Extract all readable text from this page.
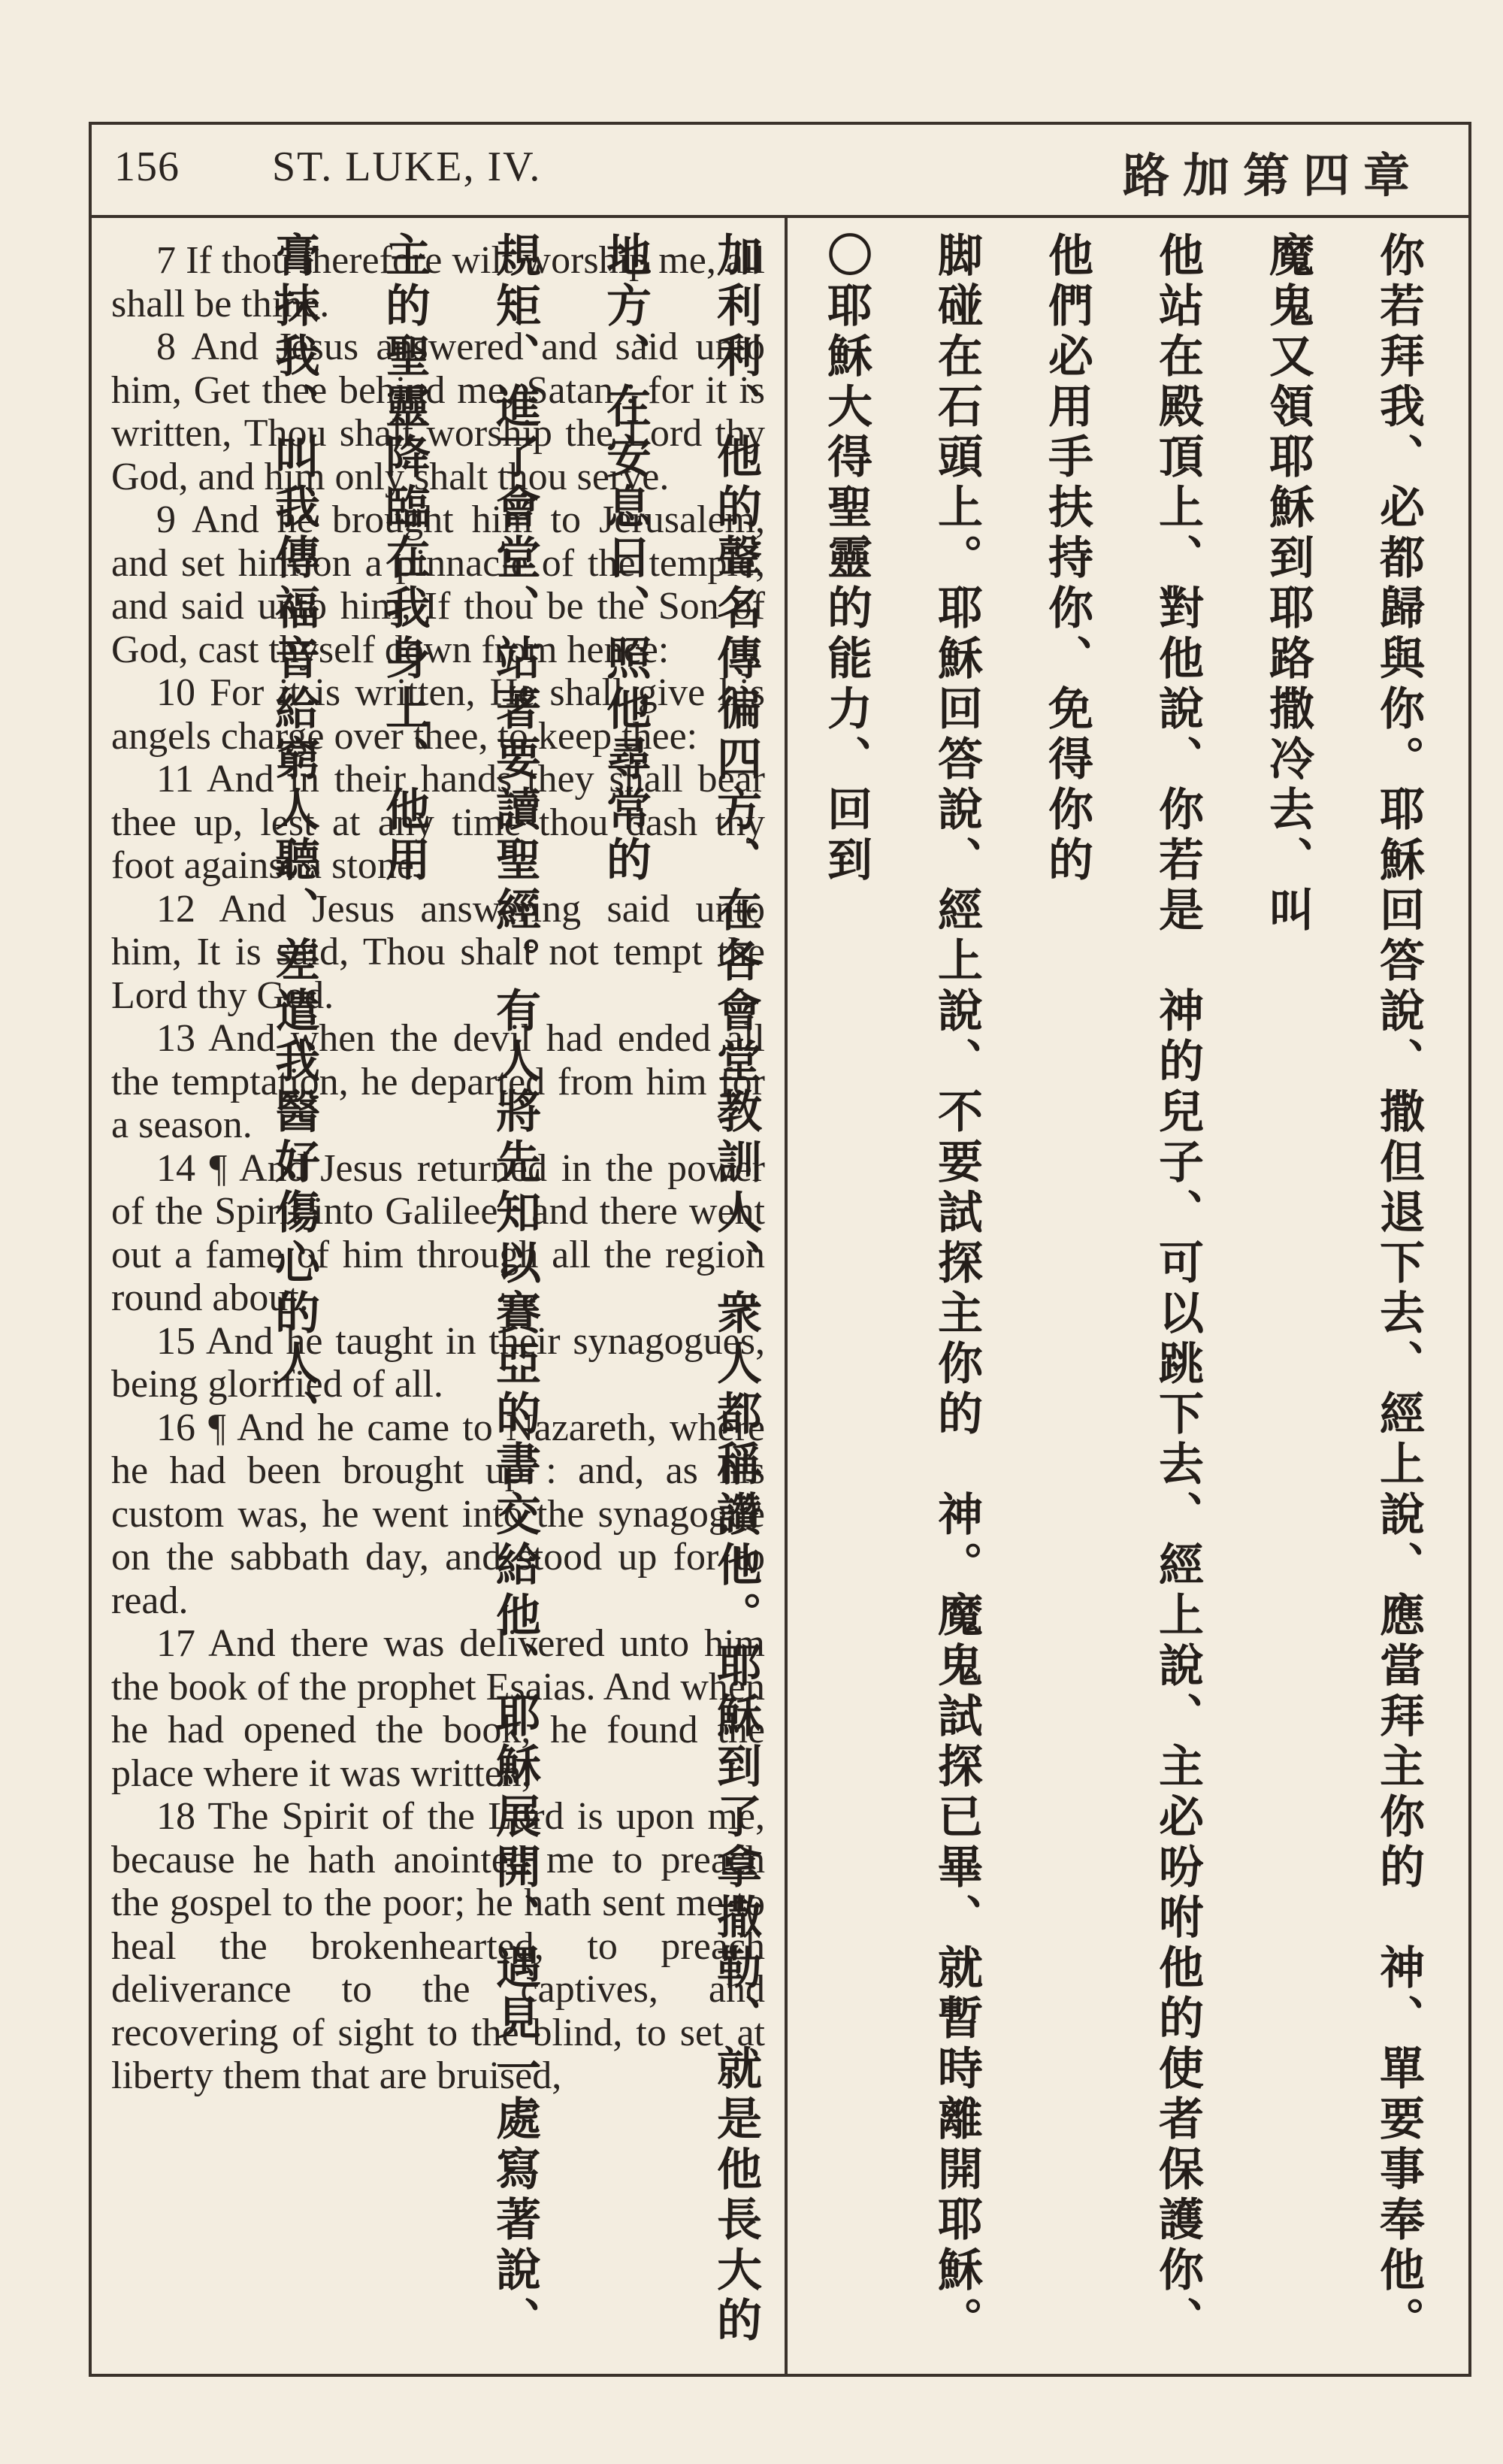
156 ST. LUKE, IV.	路加第四章

7 If thou therefore wilt worship me, all shall be thine.

8 And Jesus answered and said unto him, Get thee behind me, Satan : for it is written, Thou shalt worship the Lord thy God, and him only shalt thou serve.

9 And he brought him to Jerusalem, and set him on a pinnacle of the temple, and said unto him, If thou be the Son of God, cast thyself down from hence:

10 For it is written, He shall give his angels charge over thee, to keep thee:

11 And in their hands they shall bear thee up, lest at any time thou dash thy foot against a stone.

12 And Jesus answering said unto him, It is said, Thou shalt not tempt the Lord thy God.

13 And when the devil had ended all the temptation, he departed from him for a season.

14 ¶ And Jesus returned in the power of the Spirit into Galilee : and there went out a fame of him through all the region round about.

15 And he taught in their synagogues, being glorified of all.

16 ¶ And he came to Nazareth, where he had been brought up : and, as his custom was, he went into the synagogue on the sabbath day, and stood up for to read.

17 And there was delivered unto him the book of the prophet Esaias. And when he had opened the book, he found the place where it was written,

18 The Spirit of the Lord is upon me, because he hath anointed me to preach the gospel to the poor; he hath sent me to heal the brokenhearted, to preach deliverance to the captives, and recovering of sight to the blind, to set at liberty them that are bruised,	你若拜我、必都歸與你。耶穌回答說、撒但退下去、經上說、應當拜主你的　神、單要事奉他。魔鬼又領耶穌到耶路撒冷去、叫
他站在殿頂上、對他說、你若是　神的兒子、可以跳下去、經上說、主必吩咐他的使者保護你、他們必用手扶持你、免得你的
脚碰在石頭上。耶穌回答說、經上說、不要試探主你的　神。魔鬼試探已畢、就暫時離開耶穌。〇耶穌大得聖靈的能力、回到
加利利、他的聲名傳徧四方、在各會堂教訓人、衆人都稱讚他。耶穌到了拿撒勒、就是他長大的地方、在安息日、照他尋常的
規矩、進了會堂、站著要讀聖經。有人將先知以賽亞的書交給他、耶穌展開、遇見一處寫著說、主的聖靈降臨在我身上、他用
膏抹我、叫我傳福音給窮人聽、差遣我醫好傷心的人、
